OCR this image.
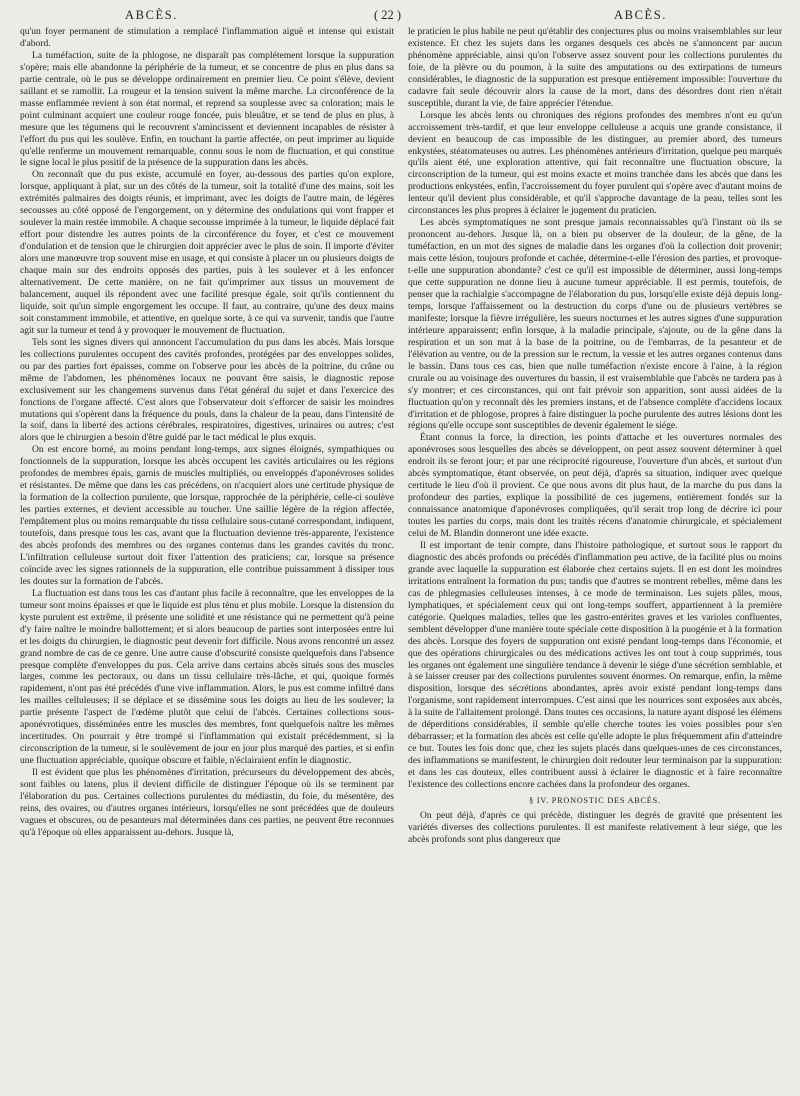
ABCÈS.	( 22 )	ABCÈS.

qu'un foyer permanent de stimulation a remplacé l'inflammation aiguë et intense qui existait d'abord.

La tuméfaction, suite de la phlogose, ne disparaît pas complétement lorsque la suppuration s'opère; mais elle abandonne la périphérie de la tumeur, et se concentre de plus en plus dans sa partie centrale, où le pus se développe ordinairement en premier lieu. Ce point s'élève, devient saillant et se ramollit. La rougeur et la tension suivent la même marche. La circonférence de la masse enflammée revient à son état normal, et reprend sa souplesse avec sa coloration; mais le point culminant acquiert une couleur rouge foncée, puis bleuâtre, et se tend de plus en plus, à mesure que les tégumens qui le recouvrent s'amincissent et deviennent incapables de résister à l'effort du pus qui les soulève. Enfin, en touchant la partie affectée, on peut imprimer au liquide qu'elle renferme un mouvement remarquable, connu sous le nom de fluctuation, et qui constitue le signe local le plus positif de la présence de la suppuration dans les abcès.

On reconnaît que du pus existe, accumulé en foyer, au-dessous des parties qu'on explore, lorsque, appliquant à plat, sur un des côtés de la tumeur, soit la totalité d'une des mains, soit les extrémités palmaires des doigts réunis, et imprimant, avec les doigts de l'autre main, de légères secousses au côté opposé de l'engorgement, on y détermine des ondulations qui vont frapper et soulever la main restée immobile. A chaque secousse imprimée à la tumeur, le liquide déplacé fait effort pour distendre les autres points de la circonférence du foyer, et c'est ce mouvement d'ondulation et de tension que le chirurgien doit apprécier avec le plus de soin. Il importe d'éviter alors une manœuvre trop souvent mise en usage, et qui consiste à placer un ou plusieurs doigts de chaque main sur des endroits opposés des parties, puis à les soulever et à les enfoncer alternativement. De cette manière, on ne fait qu'imprimer aux tissus un mouvement de balancement, auquel ils répondent avec une facilité presque égale, soit qu'ils contiennent du liquide, soit qu'un simple engorgement les occupe. Il faut, au contraire, qu'une des deux mains soit constamment immobile, et attentive, en quelque sorte, à ce qui va survenir, tandis que l'autre agit sur la tumeur et tend à y provoquer le mouvement de fluctuation.

Tels sont les signes divers qui annoncent l'accumulation du pus dans les abcès. Mais lorsque les collections purulentes occupent des cavités profondes, protégées par des enveloppes solides, ou par des parties fort épaisses, comme on l'observe pour les abcès de la poitrine, du crâne ou même de l'abdomen, les phénomènes locaux ne pouvant être saisis, le diagnostic repose exclusivement sur les changemens survenus dans l'état général du sujet et dans l'exercice des fonctions de l'organe affecté. C'est alors que l'observateur doit s'efforcer de saisir les moindres mutations qui s'opèrent dans la fréquence du pouls, dans la chaleur de la peau, dans l'intensité de la soif, dans la liberté des actions cérébrales, respiratoires, digestives, urinaires ou autres; c'est alors que le chirurgien a besoin d'être guidé par le tact médical le plus exquis.

On est encore borné, au moins pendant long-temps, aux signes éloignés, sympathiques ou fonctionnels de la suppuration, lorsque les abcès occupent les cavités articulaires ou les régions profondes de membres épais, garnis de muscles multipliés, ou enveloppés d'aponévroses solides et résistantes. De même que dans les cas précédens, on n'acquiert alors une certitude physique de la formation de la collection purulente, que lorsque, rapprochée de la périphérie, celle-ci soulève les parties externes, et devient accessible au toucher. Une saillie légère de la région affectée, l'empâtement plus ou moins remarquable du tissu cellulaire sous-cutané correspondant, indiquent, toutefois, dans presque tous les cas, avant que la fluctuation devienne très-apparente, l'existence des abcès profonds des membres ou des organes contenus dans les grandes cavités du tronc. L'infiltration celluleuse surtout doit fixer l'attention des praticiens; car, lorsque sa présence coïncide avec les signes rationnels de la suppuration, elle contribue puissamment à dissiper tous les doutes sur la formation de l'abcès.

La fluctuation est dans tous les cas d'autant plus facile à reconnaître, que les enveloppes de la tumeur sont moins épaisses et que le liquide est plus ténu et plus mobile. Lorsque la distension du kyste purulent est extrême, il présente une solidité et une résistance qui ne permettent qu'à peine d'y faire naître le moindre ballottement; et si alors beaucoup de parties sont interposées entre lui et les doigts du chirurgien, le diagnostic peut devenir fort difficile. Nous avons rencontré un assez grand nombre de cas de ce genre. Une autre cause d'obscurité consiste quelquefois dans l'absence presque complète d'enveloppes du pus. Cela arrive dans certains abcès situés sous des muscles larges, comme les pectoraux, ou dans un tissu cellulaire très-lâche, et qui, quoique formés rapidement, n'ont pas été précédés d'une vive inflammation. Alors, le pus est comme infiltré dans les mailles celluleuses; il se déplace et se dissémine sous les doigts au lieu de les soulever; la partie présente l'aspect de l'œdème plutôt que celui de l'abcès. Certaines collections sous-aponévrotiques, disséminées entre les muscles des membres, font quelquefois naître les mêmes incertitudes. On pourrait y être trompé si l'inflammation qui existait précédemment, si la circonscription de la tumeur, si le soulèvement de jour en jour plus marqué des parties, et si enfin une fluctuation appréciable, quoique obscure et faible, n'éclairaient enfin le diagnostic.

Il est évident que plus les phénomènes d'irritation, précurseurs du développement des abcès, sont faibles ou latens, plus il devient difficile de distinguer l'époque où ils se terminent par l'élaboration du pus. Certaines collections purulentes du médiastin, du foie, du mésentère, des reins, des ovaires, ou d'autres organes intérieurs, lorsqu'elles ne sont précédées que de douleurs vagues et obscures, ou de pesanteurs mal déterminées dans ces parties, ne peuvent être reconnues qu'à l'époque où elles apparaissent au-dehors. Jusque là,

le praticien le plus habile ne peut qu'établir des conjectures plus ou moins vraisemblables sur leur existence. Et chez les sujets dans les organes desquels ces abcès ne s'annoncent par aucun phénomène appréciable, ainsi qu'on l'observe assez souvent pour les collections purulentes du foie, de la plèvre ou du poumon, à la suite des amputations ou des extirpations de tumeurs considérables, le diagnostic de la suppuration est presque entièrement impossible: l'ouverture du cadavre fait seule découvrir alors la cause de la mort, dans des désordres dont rien n'était susceptible, durant la vie, de faire apprécier l'étendue.

Lorsque les abcès lents ou chroniques des régions profondes des membres n'ont eu qu'un accroissement très-tardif, et que leur enveloppe celluleuse a acquis une grande consistance, il devient en beaucoup de cas impossible de les distinguer, au premier abord, des tumeurs enkystées, stéatomateuses ou autres. Les phénomènes antérieurs d'irritation, quelque peu marqués qu'ils aient été, une exploration attentive, qui fait reconnaître une fluctuation obscure, la circonscription de la tumeur, qui est moins exacte et moins tranchée dans les abcès que dans les productions enkystées, enfin, l'accroissement du foyer purulent qui s'opère avec d'autant moins de lenteur qu'il devient plus considérable, et qu'il s'approche davantage de la peau, telles sont les circonstances les plus propres à éclairer le jugement du praticien.

Les abcès symptomatiques ne sont presque jamais reconnaissables qu'à l'instant où ils se prononcent au-dehors. Jusque là, on a bien pu observer de la douleur, de la gêne, de la tuméfaction, en un mot des signes de maladie dans les organes d'où la collection doit provenir; mais cette lésion, toujours profonde et cachée, détermine-t-elle l'érosion des parties, et provoque-t-elle une suppuration abondante? c'est ce qu'il est impossible de déterminer, aussi long-temps que cette suppuration ne donne lieu à aucune tumeur appréciable. Il est permis, toutefois, de penser que la rachialgie s'accompagne de l'élaboration du pus, lorsqu'elle existe déjà depuis long-temps, lorsque l'affaissement ou la destruction du corps d'une ou de plusieurs vertèbres se manifeste; lorsque la fièvre irrégulière, les sueurs nocturnes et les autres signes d'une suppuration intérieure apparaissent; enfin lorsque, à la maladie principale, s'ajoute, ou de la gêne dans la respiration et un son mat à la base de la poitrine, ou de l'embarras, de la pesanteur et de l'élévation au ventre, ou de la pression sur le rectum, la vessie et les autres organes contenus dans le bassin. Dans tous ces cas, bien que nulle tuméfaction n'existe encore à l'aine, à la région crurale ou au voisinage des ouvertures du bassin, il est vraisemblable que l'abcès ne tardera pas à s'y montrer; et ces circonstances, qui ont fait prévoir son apparition, sont aussi aidées de la fluctuation qu'on y reconnaît dès les premiers instans, et de l'absence complète d'accidens locaux d'irritation et de phlogose, propres à faire distinguer la poche purulente des autres lésions dont les régions qu'elle occupe sont susceptibles de devenir également le siége.

Étant connus la force, la direction, les points d'attache et les ouvertures normales des aponévroses sous lesquelles des abcès se développent, on peut assez souvent déterminer à quel endroit ils se feront jour; et par une réciprocité rigoureuse, l'ouverture d'un abcès, et surtout d'un abcès symptomatique, étant observée, on peut déjà, d'après sa situation, indiquer avec quelque certitude le lieu d'où il provient. Ce que nous avons dit plus haut, de la marche du pus dans la profondeur des parties, explique la possibilité de ces jugemens, entièrement fondés sur la connaissance anatomique d'aponévroses compliquées, qu'il serait trop long de décrire ici pour toutes les parties du corps, mais dont les traités récens d'anatomie chirurgicale, et spécialement celui de M. Blandin donneront une idée exacte.

Il est important de tenir compte, dans l'histoire pathologique, et surtout sous le rapport du diagnostic des abcès profonds ou précédés d'inflammation peu active, de la facilité plus ou moins grande avec laquelle la suppuration est élaborée chez certains sujets. Il en est dont les moindres irritations entraînent la formation du pus; tandis que d'autres se montrent rebelles, même dans les cas de phlegmasies celluleuses intenses, à ce mode de terminaison. Les sujets pâles, mous, lymphatiques, et spécialement ceux qui ont long-temps souffert, appartiennent à la première catégorie. Quelques maladies, telles que les gastro-entérites graves et les varioles confluentes, semblent développer d'une manière toute spéciale cette disposition à la puogénie et à la formation des abcès. Lorsque des foyers de suppuration ont existé pendant long-temps dans l'économie, et que des opérations chirurgicales ou des médications actives les ont tout à coup supprimés, tous les organes ont également une singulière tendance à devenir le siége d'une sécrétion semblable, et à se laisser creuser par des collections purulentes souvent énormes. On remarque, enfin, la même disposition, lorsque des sécrétions abondantes, après avoir existé pendant long-temps dans l'organisme, sont rapidement interrompues. C'est ainsi que les nourrices sont exposées aux abcès, à la suite de l'allaitement prolongé. Dans toutes ces occasions, la nature ayant disposé les élémens de déperditions considérables, il semble qu'elle cherche toutes les voies possibles pour s'en débarrasser; et la formation des abcès est celle qu'elle adopte le plus fréquemment afin d'atteindre ce but. Toutes les fois donc que, chez les sujets placés dans quelques-unes de ces circonstances, des inflammations se manifestent, le chirurgien doit redouter leur terminaison par la suppuration: et dans les cas douteux, elles contribuent aussi à éclairer le diagnostic et à faire reconnaître l'existence des collections encore cachées dans la profondeur des organes.

§ IV. PRONOSTIC DES ABCÈS.

On peut déjà, d'après ce qui précède, distinguer les degrés de gravité que présentent les variétés diverses des collections purulentes. Il est manifeste relativement à leur siége, que les abcès profonds sont plus dangereux que
